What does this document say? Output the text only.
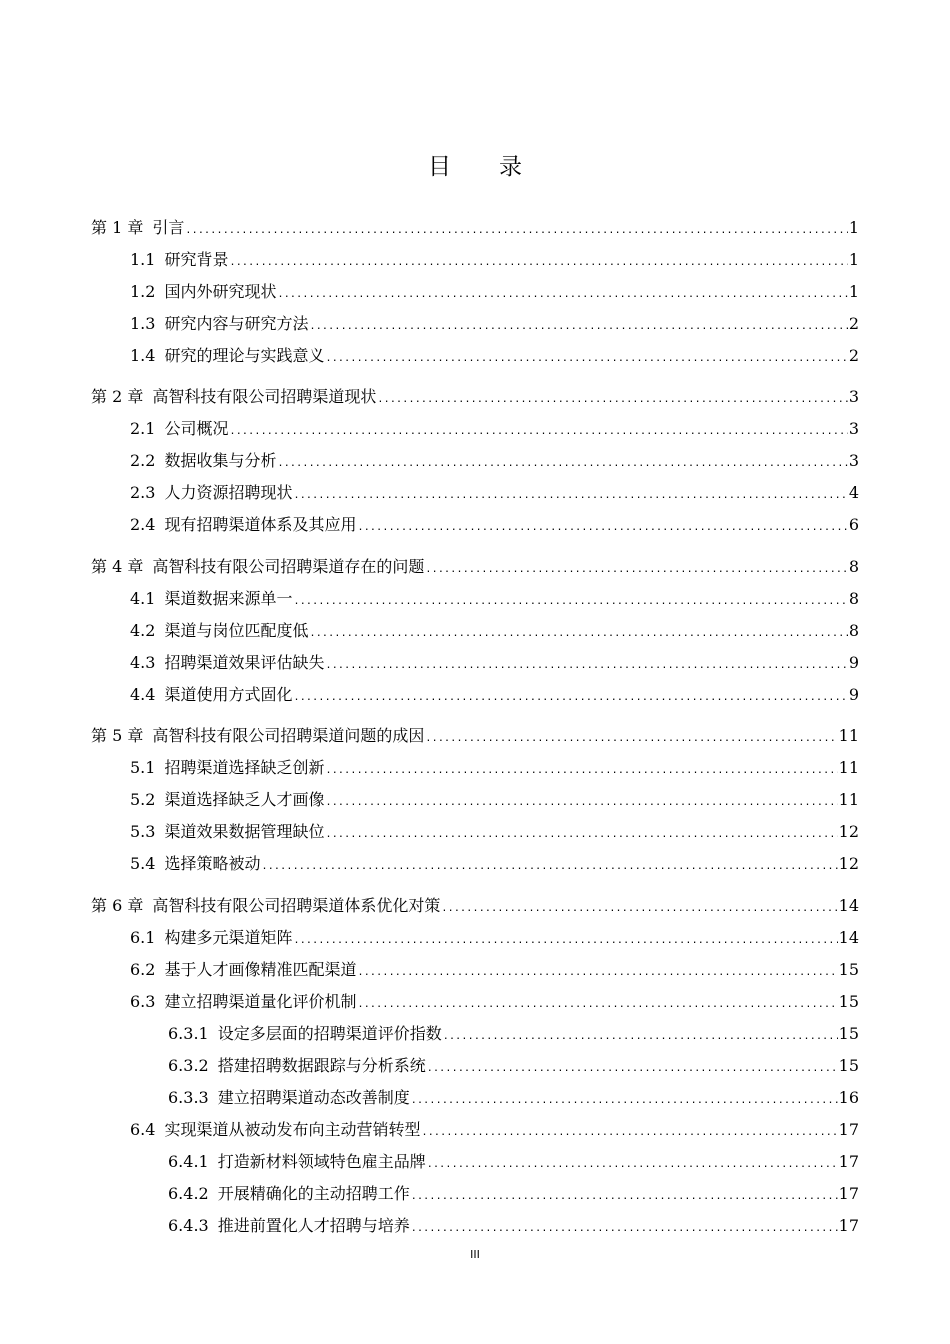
目 录
第 1 章 引言 .....	1
1.1 研究背景 .....	1
1.2 国内外研究现状 .....	1
1.3 研究内容与研究方法 .....	2
1.4 研究的理论与实践意义 .....	2
第 2 章 高智科技有限公司招聘渠道现状 .....	3
2.1 公司概况 .....	3
2.2 数据收集与分析 .....	3
2.3 人力资源招聘现状 .....	4
2.4 现有招聘渠道体系及其应用 .....	6
第 4 章 高智科技有限公司招聘渠道存在的问题 .....	8
4.1 渠道数据来源单一 .....	8
4.2 渠道与岗位匹配度低 .....	8
4.3 招聘渠道效果评估缺失 .....	9
4.4 渠道使用方式固化 .....	9
第 5 章 高智科技有限公司招聘渠道问题的成因 .....	11
5.1 招聘渠道选择缺乏创新 .....	11
5.2 渠道选择缺乏人才画像 .....	11
5.3 渠道效果数据管理缺位 .....	12
5.4 选择策略被动 .....	12
第 6 章 高智科技有限公司招聘渠道体系优化对策 .....	14
6.1 构建多元渠道矩阵 .....	14
6.2 基于人才画像精准匹配渠道 .....	15
6.3 建立招聘渠道量化评价机制 .....	15
6.3.1 设定多层面的招聘渠道评价指数 .....	15
6.3.2 搭建招聘数据跟踪与分析系统 .....	15
6.3.3 建立招聘渠道动态改善制度 .....	16
6.4 实现渠道从被动发布向主动营销转型 .....	17
6.4.1 打造新材料领域特色雇主品牌 .....	17
6.4.2 开展精确化的主动招聘工作 .....	17
6.4.3 推进前置化人才招聘与培养 .....	17
III
